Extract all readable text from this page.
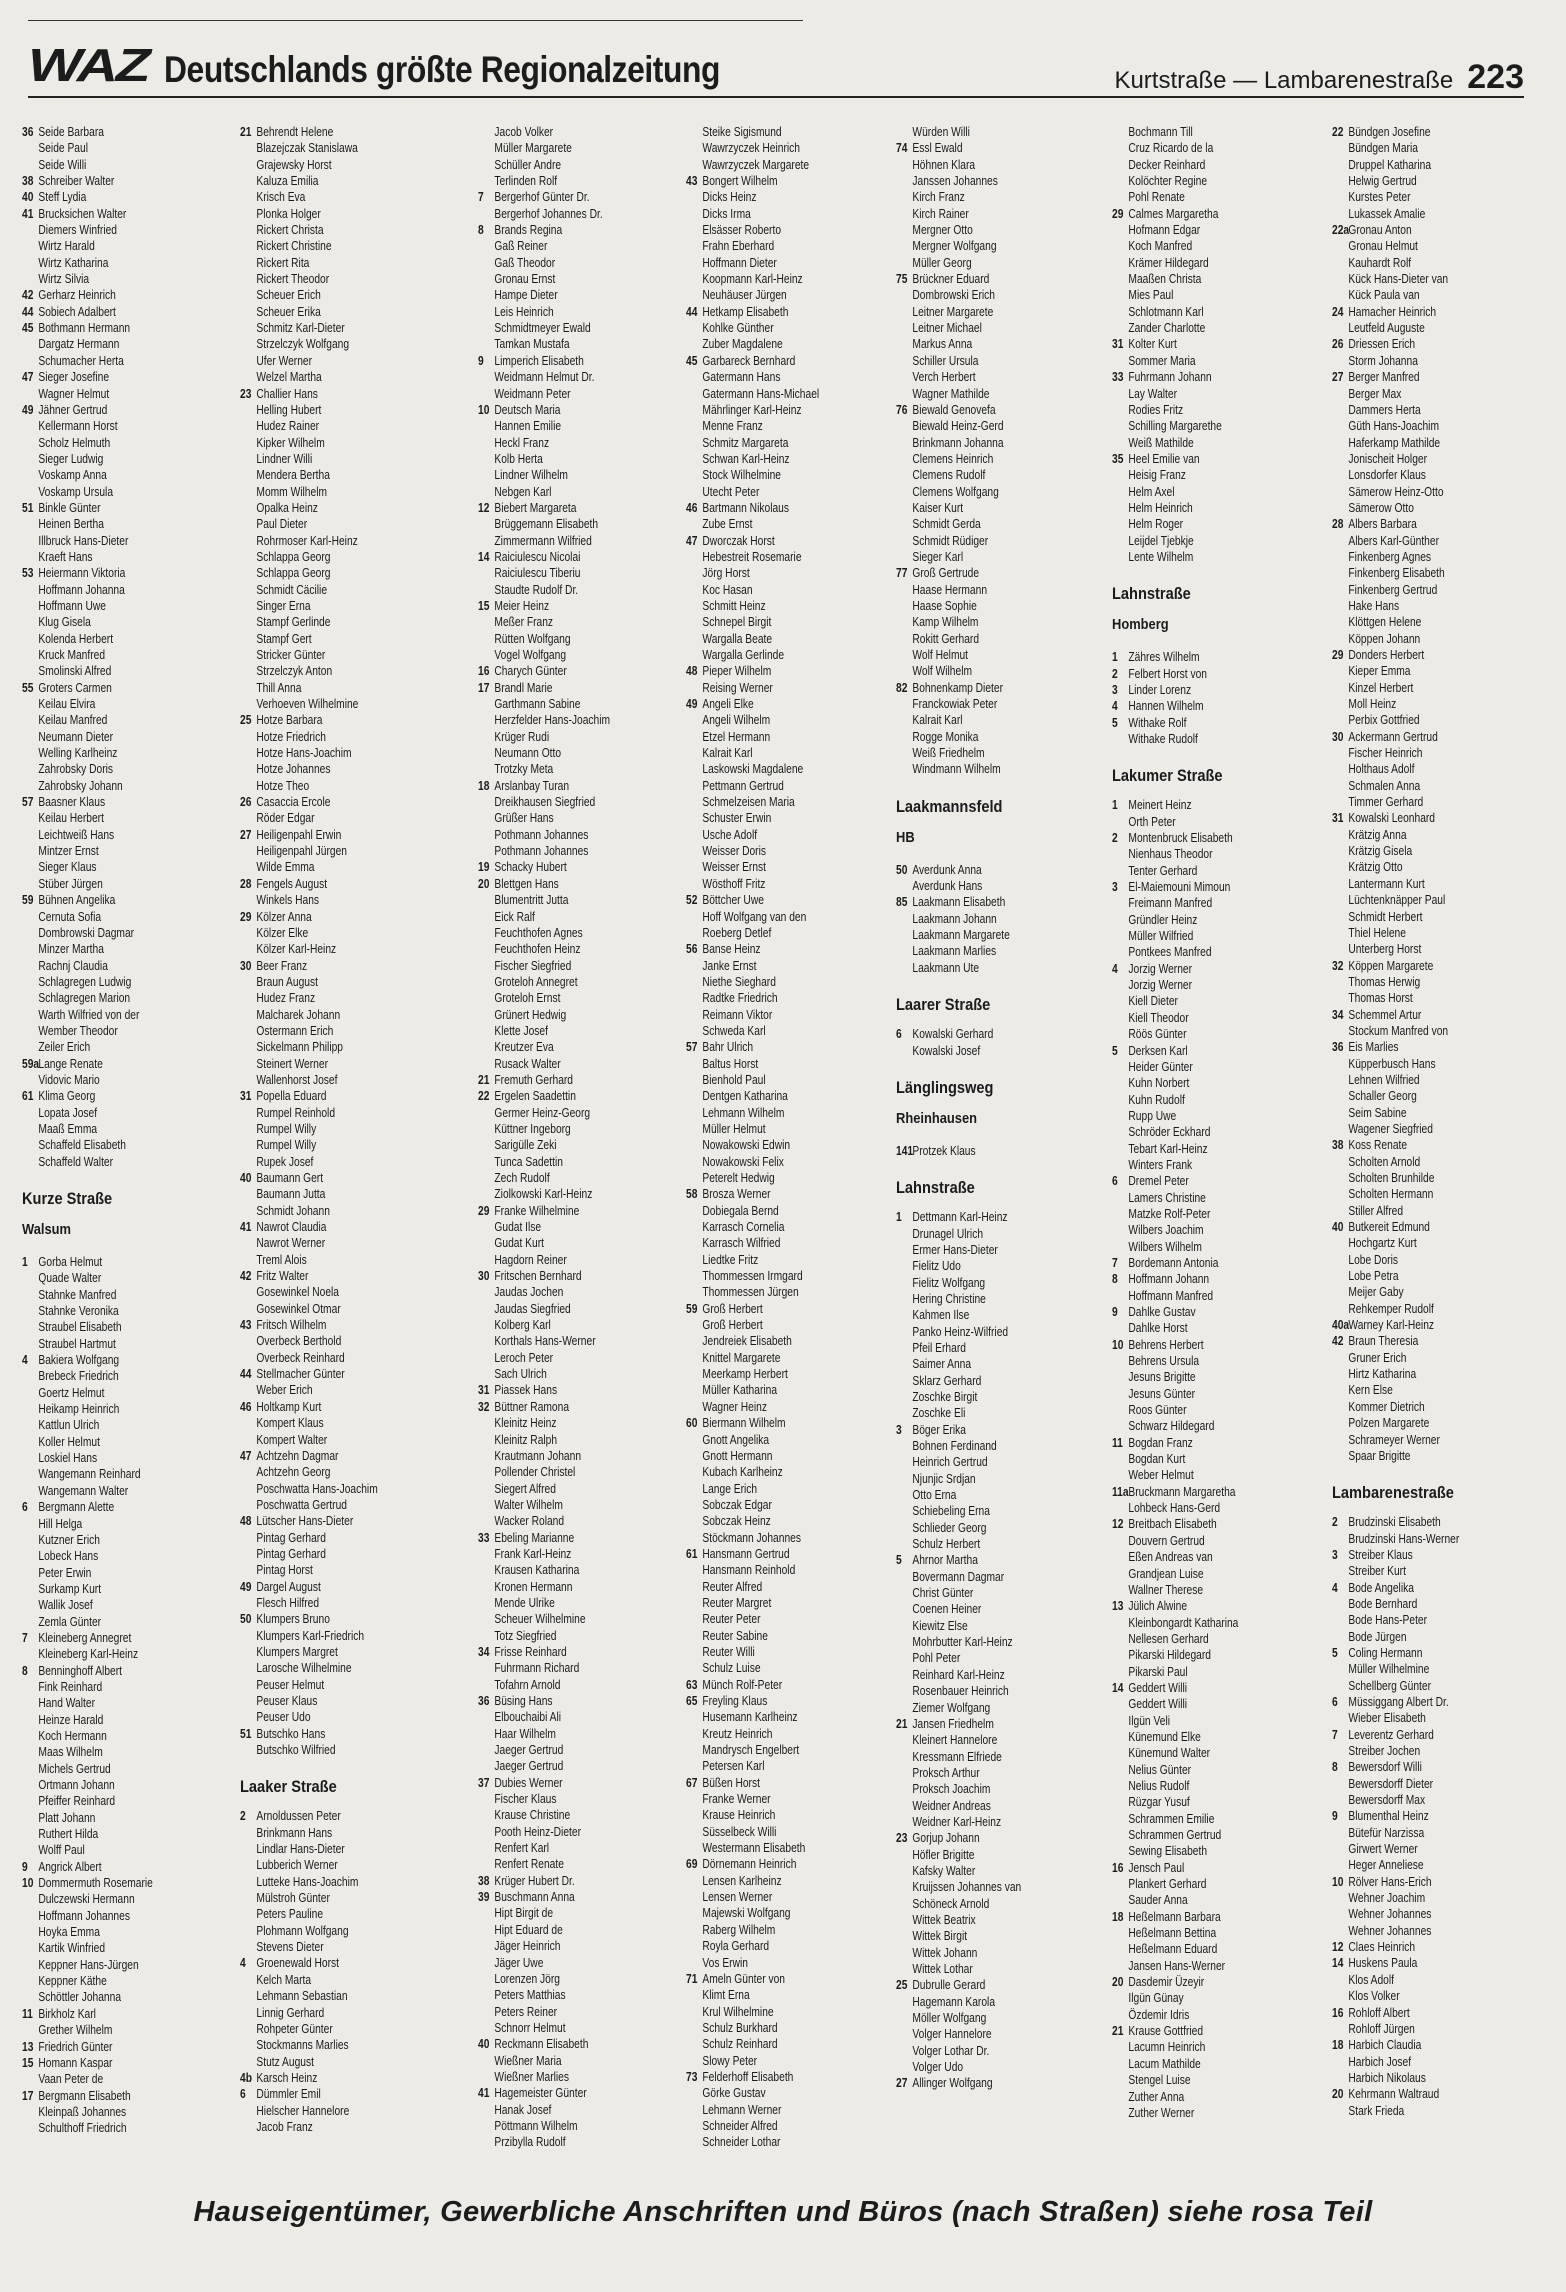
WAZ Deutschlands größte Regionalzeitung	Kurtstraße — Lambarenestraße 223
36 Seide Barbara
Seide Paul
Seide Willi
38 Schreiber Walter
40 Steff Lydia
41 Brucksichen Walter
Diemers Winfried
Wirtz Harald
Wirtz Katharina
Wirtz Silvia
42 Gerharz Heinrich
44 Sobiech Adalbert
45 Bothmann Hermann
Dargatz Hermann
Schumacher Herta
47 Sieger Josefine
Wagner Helmut
49 Jähner Gertrud
Kellermann Horst
Scholz Helmuth
Sieger Ludwig
Voskamp Anna
Voskamp Ursula
51 Binkle Günter
Heinen Bertha
Illbruck Hans-Dieter
Kraeft Hans
53 Heiermann Viktoria
Hoffmann Johanna
Hoffmann Uwe
Klug Gisela
Kolenda Herbert
Kruck Manfred
Smolinski Alfred
55 Groters Carmen
Keilau Elvira
Keilau Manfred
Neumann Dieter
Welling Karlheinz
Zahrobsky Doris
Zahrobsky Johann
57 Baasner Klaus
Keilau Herbert
Leichtweiß Hans
Mintzer Ernst
Sieger Klaus
Stüber Jürgen
59 Bühnen Angelika
Cernuta Sofia
Dombrowski Dagmar
Minzer Martha
Rachnj Claudia
Schlagregen Ludwig
Schlagregen Marion
Warth Wilfried von der
Wember Theodor
Zeiler Erich
59aLange Renate
Vidovic Mario
61 Klima Georg
Lopata Josef
Maaß Emma
Schaffeld Elisabeth
Schaffeld Walter
Kurze Straße
Walsum
1 Gorba Helmut
Quade Walter
Stahnke Manfred
Stahnke Veronika
Straubel Elisabeth
Straubel Hartmut
4 Bakiera Wolfgang
Brebeck Friedrich
Goertz Helmut
Heikamp Heinrich
Kattlun Ulrich
Koller Helmut
Loskiel Hans
Wangemann Reinhard
Wangemann Walter
6 Bergmann Alette
Hill Helga
Kutzner Erich
Lobeck Hans
Peter Erwin
Surkamp Kurt
Wallik Josef
Zemla Günter
7 Kleineberg Annegret
Kleineberg Karl-Heinz
8 Benninghoff Albert
Fink Reinhard
Hand Walter
Heinze Harald
Koch Hermann
Maas Wilhelm
Michels Gertrud
Ortmann Johann
Pfeiffer Reinhard
Platt Johann
Ruthert Hilda
Wolff Paul
9 Angrick Albert
10 Dommermuth Rosemarie
Dulczewski Hermann
Hoffmann Johannes
Hoyka Emma
Kartik Winfried
Keppner Hans-Jürgen
Keppner Käthe
Schöttler Johanna
11 Birkholz Karl
Grether Wilhelm
13 Friedrich Günter
15 Homann Kaspar
Vaan Peter de
17 Bergmann Elisabeth
Kleinpaß Johannes
Schulthoff Friedrich
21 Behrendt Helene
Blazejczak Stanislawa
Grajewsky Horst
Kaluza Emilia
Krisch Eva
Plonka Holger
Rickert Christa
Rickert Christine
Rickert Rita
Rickert Theodor
Scheuer Erich
Scheuer Erika
Schmitz Karl-Dieter
Strzelczyk Wolfgang
Ufer Werner
Welzel Martha
23 Challier Hans
Helling Hubert
Hudez Rainer
Kipker Wilhelm
Lindner Willi
Mendera Bertha
Momm Wilhelm
Opalka Heinz
Paul Dieter
Rohrmoser Karl-Heinz
Schlappa Georg
Schlappa Georg
Schmidt Cäcilie
Singer Erna
Stampf Gerlinde
Stampf Gert
Stricker Günter
Strzelczyk Anton
Thill Anna
Verhoeven Wilhelmine
25 Hotze Barbara
Hotze Friedrich
Hotze Hans-Joachim
Hotze Johannes
Hotze Theo
26 Casaccia Ercole
Röder Edgar
27 Heiligenpahl Erwin
Heiligenpahl Jürgen
Wilde Emma
28 Fengels August
Winkels Hans
29 Kölzer Anna
Kölzer Elke
Kölzer Karl-Heinz
30 Beer Franz
Braun August
Hudez Franz
Malcharek Johann
Ostermann Erich
Sickelmann Philipp
Steinert Werner
Wallenhorst Josef
31 Popella Eduard
Rumpel Reinhold
Rumpel Willy
Rumpel Willy
Rupek Josef
40 Baumann Gert
Baumann Jutta
Schmidt Johann
41 Nawrot Claudia
Nawrot Werner
Treml Alois
42 Fritz Walter
Gosewinkel Noela
Gosewinkel Otmar
43 Fritsch Wilhelm
Overbeck Berthold
Overbeck Reinhard
44 Stellmacher Günter
Weber Erich
46 Holtkamp Kurt
Kompert Klaus
Kompert Walter
47 Achtzehn Dagmar
Achtzehn Georg
Poschwatta Hans-Joachim
Poschwatta Gertrud
48 Lütscher Hans-Dieter
Pintag Gerhard
Pintag Gerhard
Pintag Horst
49 Dargel August
Flesch Hilfred
50 Klumpers Bruno
Klumpers Karl-Friedrich
Klumpers Margret
Larosche Wilhelmine
Peuser Helmut
Peuser Klaus
Peuser Udo
51 Butschko Hans
Butschko Wilfried
Laaker Straße
2 Arnoldussen Peter
Brinkmann Hans
Lindlar Hans-Dieter
Lubberich Werner
Lutteke Hans-Joachim
Mülstroh Günter
Peters Pauline
Plohmann Wolfgang
Stevens Dieter
4 Groenewald Horst
Kelch Marta
Lehmann Sebastian
Linnig Gerhard
Rohpeter Günter
Stockmanns Marlies
Stutz August
4b Karsch Heinz
6 Dümmler Emil
Hielscher Hannelore
Jacob Franz
Jacob Volker
Müller Margarete
Schüller Andre
Terlinden Rolf
7 Bergerhof Günter Dr.
Bergerhof Johannes Dr.
8 Brands Regina
Gaß Reiner
Gaß Theodor
Gronau Ernst
Hampe Dieter
Leis Heinrich
Schmidtmeyer Ewald
Tamkan Mustafa
9 Limperich Elisabeth
Weidmann Helmut Dr.
Weidmann Peter
10 Deutsch Maria
Hannen Emilie
Heckl Franz
Kolb Herta
Lindner Wilhelm
Nebgen Karl
12 Biebert Margareta
Brüggemann Elisabeth
Zimmermann Wilfried
14 Raiciulescu Nicolai
Raiciulescu Tiberiu
Staudte Rudolf Dr.
15 Meier Heinz
Meßer Franz
Rütten Wolfgang
Vogel Wolfgang
16 Charych Günter
17 Brandl Marie
Garthmann Sabine
Herzfelder Hans-Joachim
Krüger Rudi
Neumann Otto
Trotzky Meta
18 Arslanbay Turan
Dreikhausen Siegfried
Grüßer Hans
Pothmann Johannes
Pothmann Johannes
19 Schacky Hubert
20 Blettgen Hans
Blumentritt Jutta
Eick Ralf
Feuchthofen Agnes
Feuchthofen Heinz
Fischer Siegfried
Groteloh Annegret
Groteloh Ernst
Grünert Hedwig
Klette Josef
Kreutzer Eva
Rusack Walter
21 Fremuth Gerhard
22 Ergelen Saadettin
Germer Heinz-Georg
Küttner Ingeborg
Sarigülle Zeki
Tunca Sadettin
Zech Rudolf
Ziolkowski Karl-Heinz
29 Franke Wilhelmine
Gudat Ilse
Gudat Kurt
Hagdorn Reiner
30 Fritschen Bernhard
Jaudas Jochen
Jaudas Siegfried
Kolberg Karl
Korthals Hans-Werner
Leroch Peter
Sach Ulrich
31 Piassek Hans
32 Büttner Ramona
Kleinitz Heinz
Kleinitz Ralph
Krautmann Johann
Pollender Christel
Siegert Alfred
Walter Wilhelm
Wacker Roland
33 Ebeling Marianne
Frank Karl-Heinz
Krausen Katharina
Kronen Hermann
Mende Ulrike
Scheuer Wilhelmine
Totz Siegfried
34 Frisse Reinhard
Fuhrmann Richard
Tofahrn Arnold
36 Büsing Hans
Elbouchaibi Ali
Haar Wilhelm
Jaeger Gertrud
Jaeger Gertrud
37 Dubies Werner
Fischer Klaus
Krause Christine
Pooth Heinz-Dieter
Renfert Karl
Renfert Renate
38 Krüger Hubert Dr.
39 Buschmann Anna
Hipt Birgit de
Hipt Eduard de
Jäger Heinrich
Jäger Uwe
Lorenzen Jörg
Peters Matthias
Peters Reiner
Schnorr Helmut
40 Reckmann Elisabeth
Wießner Maria
Wießner Marlies
41 Hagemeister Günter
Hanak Josef
Pöttmann Wilhelm
Przibylla Rudolf
Steike Sigismund
Wawrzyczek Heinrich
Wawrzyczek Margarete
43 Bongert Wilhelm
Dicks Heinz
Dicks Irma
Elsässer Roberto
Frahn Eberhard
Hoffmann Dieter
Koopmann Karl-Heinz
Neuhäuser Jürgen
44 Hetkamp Elisabeth
Kohlke Günther
Zuber Magdalene
45 Garbareck Bernhard
Gatermann Hans
Gatermann Hans-Michael
Mährlinger Karl-Heinz
Menne Franz
Schmitz Margareta
Schwan Karl-Heinz
Stock Wilhelmine
Utecht Peter
46 Bartmann Nikolaus
Zube Ernst
47 Dworczak Horst
Hebestreit Rosemarie
Jörg Horst
Koc Hasan
Schmitt Heinz
Schnepel Birgit
Wargalla Beate
Wargalla Gerlinde
48 Pieper Wilhelm
Reising Werner
49 Angeli Elke
Angeli Wilhelm
Etzel Hermann
Kalrait Karl
Laskowski Magdalene
Pettmann Gertrud
Schmelzeisen Maria
Schuster Erwin
Usche Adolf
Weisser Doris
Weisser Ernst
Wösthoff Fritz
52 Böttcher Uwe
Hoff Wolfgang van den
Roeberg Detlef
56 Banse Heinz
Janke Ernst
Niethe Sieghard
Radtke Friedrich
Reimann Viktor
Schweda Karl
57 Bahr Ulrich
Baltus Horst
Bienhold Paul
Dentgen Katharina
Lehmann Wilhelm
Müller Helmut
Nowakowski Edwin
Nowakowski Felix
Peterelt Hedwig
58 Brosza Werner
Dobiegala Bernd
Karrasch Cornelia
Karrasch Wilfried
Liedtke Fritz
Thommessen Irmgard
Thommessen Jürgen
59 Groß Herbert
Groß Herbert
Jendreiek Elisabeth
Knittel Margarete
Meerkamp Herbert
Müller Katharina
Wagner Heinz
60 Biermann Wilhelm
Gnott Angelika
Gnott Hermann
Kubach Karlheinz
Lange Erich
Sobczak Edgar
Sobczak Heinz
Stöckmann Johannes
61 Hansmann Gertrud
Hansmann Reinhold
Reuter Alfred
Reuter Margret
Reuter Peter
Reuter Sabine
Reuter Willi
Schulz Luise
63 Münch Rolf-Peter
65 Freyling Klaus
Husemann Karlheinz
Kreutz Heinrich
Mandrysch Engelbert
Petersen Karl
67 Büßen Horst
Franke Werner
Krause Heinrich
Süsselbeck Willi
Westermann Elisabeth
69 Dörnemann Heinrich
Lensen Karlheinz
Lensen Werner
Majewski Wolfgang
Raberg Wilhelm
Royla Gerhard
Vos Erwin
71 Ameln Günter von
Klimt Erna
Krul Wilhelmine
Schulz Burkhard
Schulz Reinhard
Slowy Peter
73 Felderhoff Elisabeth
Görke Gustav
Lehmann Werner
Schneider Alfred
Schneider Lothar
Würden Willi
74 Essl Ewald
Höhnen Klara
Janssen Johannes
Kirch Franz
Kirch Rainer
Mergner Otto
Mergner Wolfgang
Müller Georg
75 Brückner Eduard
Dombrowski Erich
Leitner Margarete
Leitner Michael
Markus Anna
Schiller Ursula
Verch Herbert
Wagner Mathilde
76 Biewald Genovefa
Biewald Heinz-Gerd
Brinkmann Johanna
Clemens Heinrich
Clemens Rudolf
Clemens Wolfgang
Kaiser Kurt
Schmidt Gerda
Schmidt Rüdiger
Sieger Karl
77 Groß Gertrude
Haase Hermann
Haase Sophie
Kamp Wilhelm
Rokitt Gerhard
Wolf Helmut
Wolf Wilhelm
82 Bohnenkamp Dieter
Franckowiak Peter
Kalrait Karl
Rogge Monika
Weiß Friedhelm
Windmann Wilhelm
Laakmannsfeld
HB
50 Averdunk Anna
Averdunk Hans
85 Laakmann Elisabeth
Laakmann Johann
Laakmann Margarete
Laakmann Marlies
Laakmann Ute
Laarer Straße
6 Kowalski Gerhard
Kowalski Josef
Länglingsweg
Rheinhausen
141Protzek Klaus
Lahnstraße
1 Dettmann Karl-Heinz
Drunagel Ulrich
Ermer Hans-Dieter
Fielitz Udo
Fielitz Wolfgang
Hering Christine
Kahmen Ilse
Panko Heinz-Wilfried
Pfeil Erhard
Saimer Anna
Sklarz Gerhard
Zoschke Birgit
Zoschke Eli
3 Böger Erika
Bohnen Ferdinand
Heinrich Gertrud
Njunjic Srdjan
Otto Erna
Schiebeling Erna
Schlieder Georg
Schulz Herbert
5 Ahrnor Martha
Bovermann Dagmar
Christ Günter
Coenen Heiner
Kiewitz Else
Mohrbutter Karl-Heinz
Pohl Peter
Reinhard Karl-Heinz
Rosenbauer Heinrich
Ziemer Wolfgang
21 Jansen Friedhelm
Kleinert Hannelore
Kressmann Elfriede
Proksch Arthur
Proksch Joachim
Weidner Andreas
Weidner Karl-Heinz
23 Gorjup Johann
Höfler Brigitte
Kafsky Walter
Kruijssen Johannes van
Schöneck Arnold
Wittek Beatrix
Wittek Birgit
Wittek Johann
Wittek Lothar
25 Dubrulle Gerard
Hagemann Karola
Möller Wolfgang
Volger Hannelore
Volger Lothar Dr.
Volger Udo
27 Allinger Wolfgang
Bochmann Till
Cruz Ricardo de la
Decker Reinhard
Kolöchter Regine
Pohl Renate
29 Calmes Margaretha
Hofmann Edgar
Koch Manfred
Krämer Hildegard
Maaßen Christa
Mies Paul
Schlotmann Karl
Zander Charlotte
31 Kolter Kurt
Sommer Maria
33 Fuhrmann Johann
Lay Walter
Rodies Fritz
Schilling Margarethe
Weiß Mathilde
35 Heel Emilie van
Heisig Franz
Helm Axel
Helm Heinrich
Helm Roger
Leijdel Tjebkje
Lente Wilhelm
Lahnstraße
Homberg
1 Zähres Wilhelm
2 Felbert Horst von
3 Linder Lorenz
4 Hannen Wilhelm
5 Withake Rolf
Withake Rudolf
Lakumer Straße
1 Meinert Heinz
Orth Peter
2 Montenbruck Elisabeth
Nienhaus Theodor
Tenter Gerhard
3 El-Maiemouni Mimoun
Freimann Manfred
Gründler Heinz
Müller Wilfried
Pontkees Manfred
4 Jorzig Werner
Jorzig Werner
Kiell Dieter
Kiell Theodor
Röös Günter
5 Derksen Karl
Heider Günter
Kuhn Norbert
Kuhn Rudolf
Rupp Uwe
Schröder Eckhard
Tebart Karl-Heinz
Winters Frank
6 Dremel Peter
Lamers Christine
Matzke Rolf-Peter
Wilbers Joachim
Wilbers Wilhelm
7 Bordemann Antonia
8 Hoffmann Johann
Hoffmann Manfred
9 Dahlke Gustav
Dahlke Horst
10 Behrens Herbert
Behrens Ursula
Jesuns Brigitte
Jesuns Günter
Roos Günter
Schwarz Hildegard
11 Bogdan Franz
Bogdan Kurt
Weber Helmut
11aBruckmann Margaretha
Lohbeck Hans-Gerd
12 Breitbach Elisabeth
Douvern Gertrud
Eßen Andreas van
Grandjean Luise
Wallner Therese
13 Jülich Alwine
Kleinbongardt Katharina
Nellesen Gerhard
Pikarski Hildegard
Pikarski Paul
14 Geddert Willi
Geddert Willi
Ilgün Veli
Künemund Elke
Künemund Walter
Nelius Günter
Nelius Rudolf
Rüzgar Yusuf
Schrammen Emilie
Schrammen Gertrud
Sewing Elisabeth
16 Jensch Paul
Plankert Gerhard
Sauder Anna
18 Heßelmann Barbara
Heßelmann Bettina
Heßelmann Eduard
Jansen Hans-Werner
20 Dasdemir Üzeyir
Ilgün Günay
Özdemir Idris
21 Krause Gottfried
Lacumn Heinrich
Lacum Mathilde
Stengel Luise
Zuther Anna
Zuther Werner
22 Bündgen Josefine
Bündgen Maria
Druppel Katharina
Helwig Gertrud
Kurstes Peter
Lukassek Amalie
22aGronau Anton
Gronau Helmut
Kauhardt Rolf
Kück Hans-Dieter van
Kück Paula van
24 Hamacher Heinrich
Leutfeld Auguste
26 Driessen Erich
Storm Johanna
27 Berger Manfred
Berger Max
Dammers Herta
Güth Hans-Joachim
Haferkamp Mathilde
Jonischeit Holger
Lonsdorfer Klaus
Sämerow Heinz-Otto
Sämerow Otto
28 Albers Barbara
Albers Karl-Günther
Finkenberg Agnes
Finkenberg Elisabeth
Finkenberg Gertrud
Hake Hans
Klöttgen Helene
Köppen Johann
29 Donders Herbert
Kieper Emma
Kinzel Herbert
Moll Heinz
Perbix Gottfried
30 Ackermann Gertrud
Fischer Heinrich
Holthaus Adolf
Schmalen Anna
Timmer Gerhard
31 Kowalski Leonhard
Krätzig Anna
Krätzig Gisela
Krätzig Otto
Lantermann Kurt
Lüchtenknäpper Paul
Schmidt Herbert
Thiel Helene
Unterberg Horst
32 Köppen Margarete
Thomas Herwig
Thomas Horst
34 Schemmel Artur
Stockum Manfred von
36 Eis Marlies
Küpperbusch Hans
Lehnen Wilfried
Schaller Georg
Seim Sabine
Wagener Siegfried
38 Koss Renate
Scholten Arnold
Scholten Brunhilde
Scholten Hermann
Stiller Alfred
40 Butkereit Edmund
Hochgartz Kurt
Lobe Doris
Lobe Petra
Meijer Gaby
Rehkemper Rudolf
40aWarney Karl-Heinz
42 Braun Theresia
Gruner Erich
Hirtz Katharina
Kern Else
Kommer Dietrich
Polzen Margarete
Schrameyer Werner
Spaar Brigitte
Lambarenestraße
2 Brudzinski Elisabeth
Brudzinski Hans-Werner
3 Streiber Klaus
Streiber Kurt
4 Bode Angelika
Bode Bernhard
Bode Hans-Peter
Bode Jürgen
5 Coling Hermann
Müller Wilhelmine
Schellberg Günter
6 Müssiggang Albert Dr.
Wieber Elisabeth
7 Leverentz Gerhard
Streiber Jochen
8 Bewersdorf Willi
Bewersdorff Dieter
Bewersdorff Max
9 Blumenthal Heinz
Bütefür Narzissa
Girwert Werner
Heger Anneliese
10 Rölver Hans-Erich
Wehner Joachim
Wehner Johannes
Wehner Johannes
12 Claes Heinrich
14 Huskens Paula
Klos Adolf
Klos Volker
16 Rohloff Albert
Rohloff Jürgen
18 Harbich Claudia
Harbich Josef
Harbich Nikolaus
20 Kehrmann Waltraud
Stark Frieda
Hauseigentümer, Gewerbliche Anschriften und Büros (nach Straßen) siehe rosa Teil
